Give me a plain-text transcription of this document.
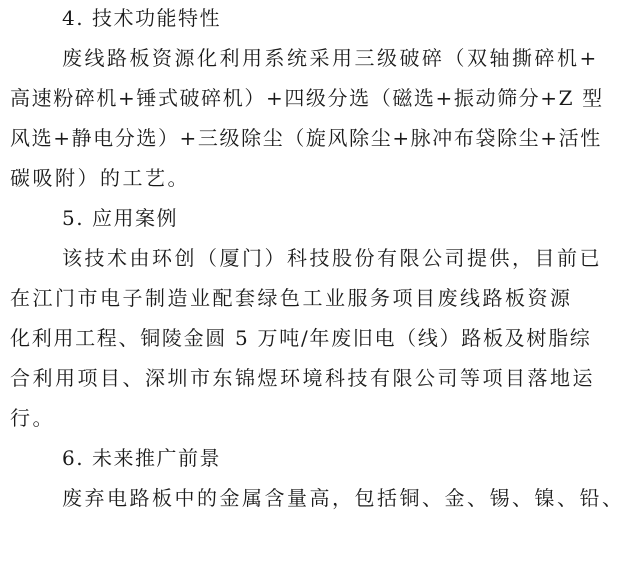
4. 技术功能特性
废线路板资源化利用系统采用三级破碎（双轴撕碎机+
高速粉碎机+锤式破碎机）+四级分选（磁选+振动筛分+Z 型
风选+静电分选）+三级除尘（旋风除尘+脉冲布袋除尘+活性
碳吸附）的工艺。
5. 应用案例
该技术由环创（厦门）科技股份有限公司提供，目前已
在江门市电子制造业配套绿色工业服务项目废线路板资源
化利用工程、铜陵金圆 5 万吨/年废旧电（线）路板及树脂综
合利用项目、深圳市东锦煜环境科技有限公司等项目落地运
行。
6. 未来推广前景
废弃电路板中的金属含量高，包括铜、金、锡、镍、铅、
